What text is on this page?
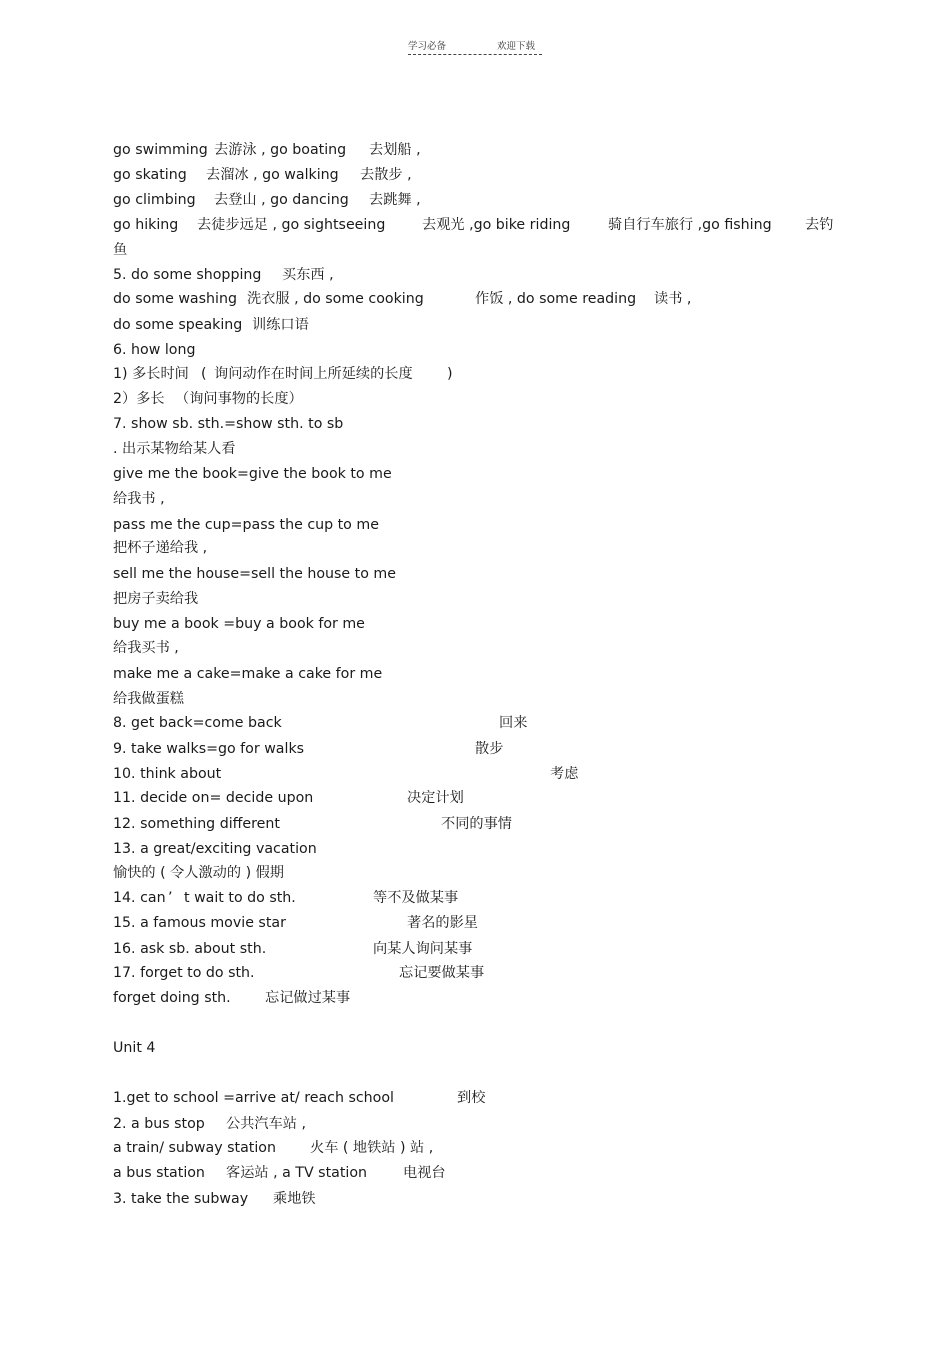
学习必备	欢迎下载
go swimming 去游泳 , go boating 去划船 ,
go skating 去溜冰 , go walking 去散步 ,
go climbing 去登山 , go dancing 去跳舞 ,
go hiking 去徒步远足 , go sightseeing	去观光 ,go bike riding	骑自行车旅行 ,go fishing 去钓
鱼
5. do some shopping 买东西 ,
do some washing 洗衣服 , do some cooking	作饭 , do some reading 读书 ,
do some speaking 训练口语
6. how long
1) 多长时间 ( 询问动作在时间上所延续的长度 )
2）多长 （询问事物的长度）
7. show sb. sth.=show sth. to sb
. 出示某物给某人看
give me the book=give the book to me
给我书 ,
pass me the cup=pass the cup to me
把杯子递给我 ,
sell me the house=sell the house to me
把房子卖给我
buy me a book =buy a book for me
给我买书 ,
make me a cake=make a cake for me
给我做蛋糕
8. get back=come back	回来
9. take walks=go for walks	散步
10. think about	考虑
11. decide on= decide upon	决定计划
12. something different	不同的事情
13. a great/exciting vacation
愉快的 ( 令人激动的 ) 假期
14. can ’ t wait to do sth.	等不及做某事
15. a famous movie star	著名的影星
16. ask sb. about sth.	向某人询问某事
17. forget to do sth.	忘记要做某事
forget doing sth. 忘记做过某事
Unit 4
1.get to school =arrive at/ reach school	到校
2. a bus stop 公共汽车站 ,
a train/ subway station 火车 ( 地铁站 ) 站 ,
a bus station 客运站 , a TV station	电视台
3. take the subway 乘地铁
